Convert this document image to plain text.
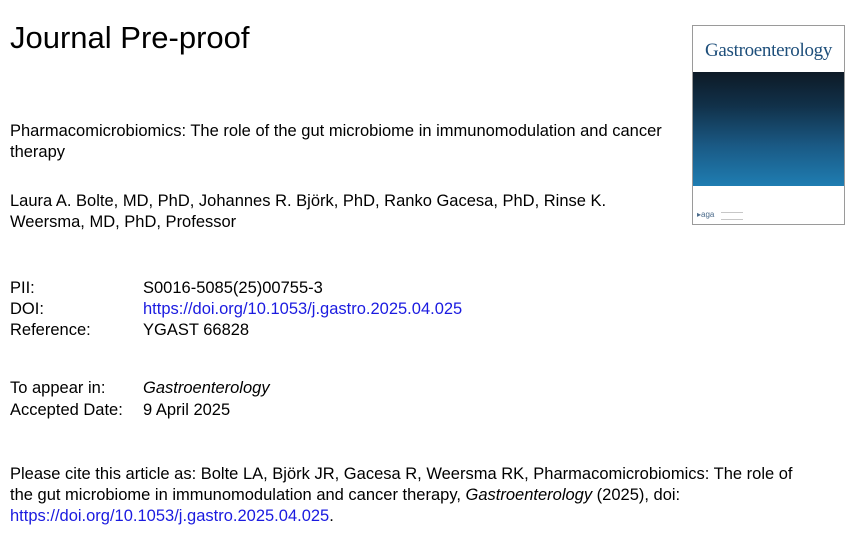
Journal Pre-proof	Gastroenterology
▸aga
Pharmacomicrobiomics: The role of the gut microbiome in immunomodulation and cancer therapy
Laura A. Bolte, MD, PhD, Johannes R. Björk, PhD, Ranko Gacesa, PhD, Rinse K. Weersma, MD, PhD, Professor
PII:	S0016-5085(25)00755-3
DOI:	https://doi.org/10.1053/j.gastro.2025.04.025
Reference:	YGAST 66828
To appear in: Gastroenterology
Accepted Date: 9 April 2025
Please cite this article as: Bolte LA, Björk JR, Gacesa R, Weersma RK, Pharmacomicrobiomics: The role of the gut microbiome in immunomodulation and cancer therapy, Gastroenterology (2025), doi: https://doi.org/10.1053/j.gastro.2025.04.025.
